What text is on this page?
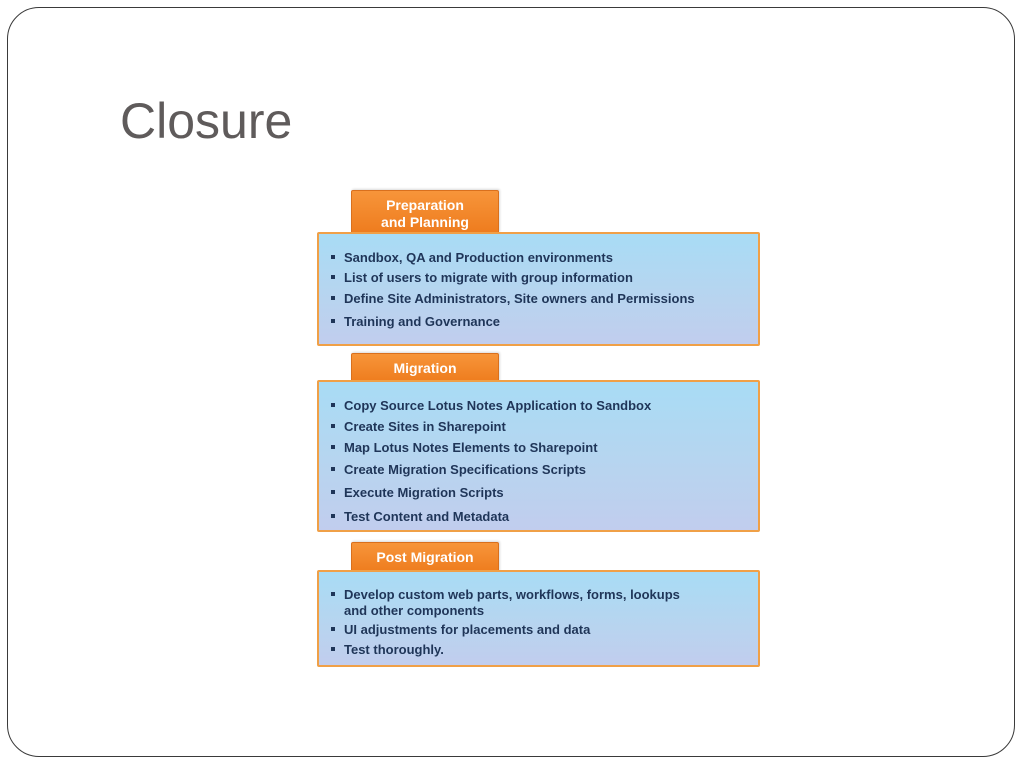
Closure
Preparation
and Planning
Sandbox, QA and Production environments
List of users to migrate with group information
Define Site Administrators, Site owners and Permissions
Training and Governance
Migration
Copy Source Lotus Notes Application to Sandbox
Create Sites in Sharepoint
Map Lotus Notes Elements to Sharepoint
Create Migration Specifications Scripts
Execute Migration Scripts
Test Content and Metadata
Post Migration
Develop custom web parts, workflows, forms, lookups
and other components
UI adjustments for placements and data
Test thoroughly.
